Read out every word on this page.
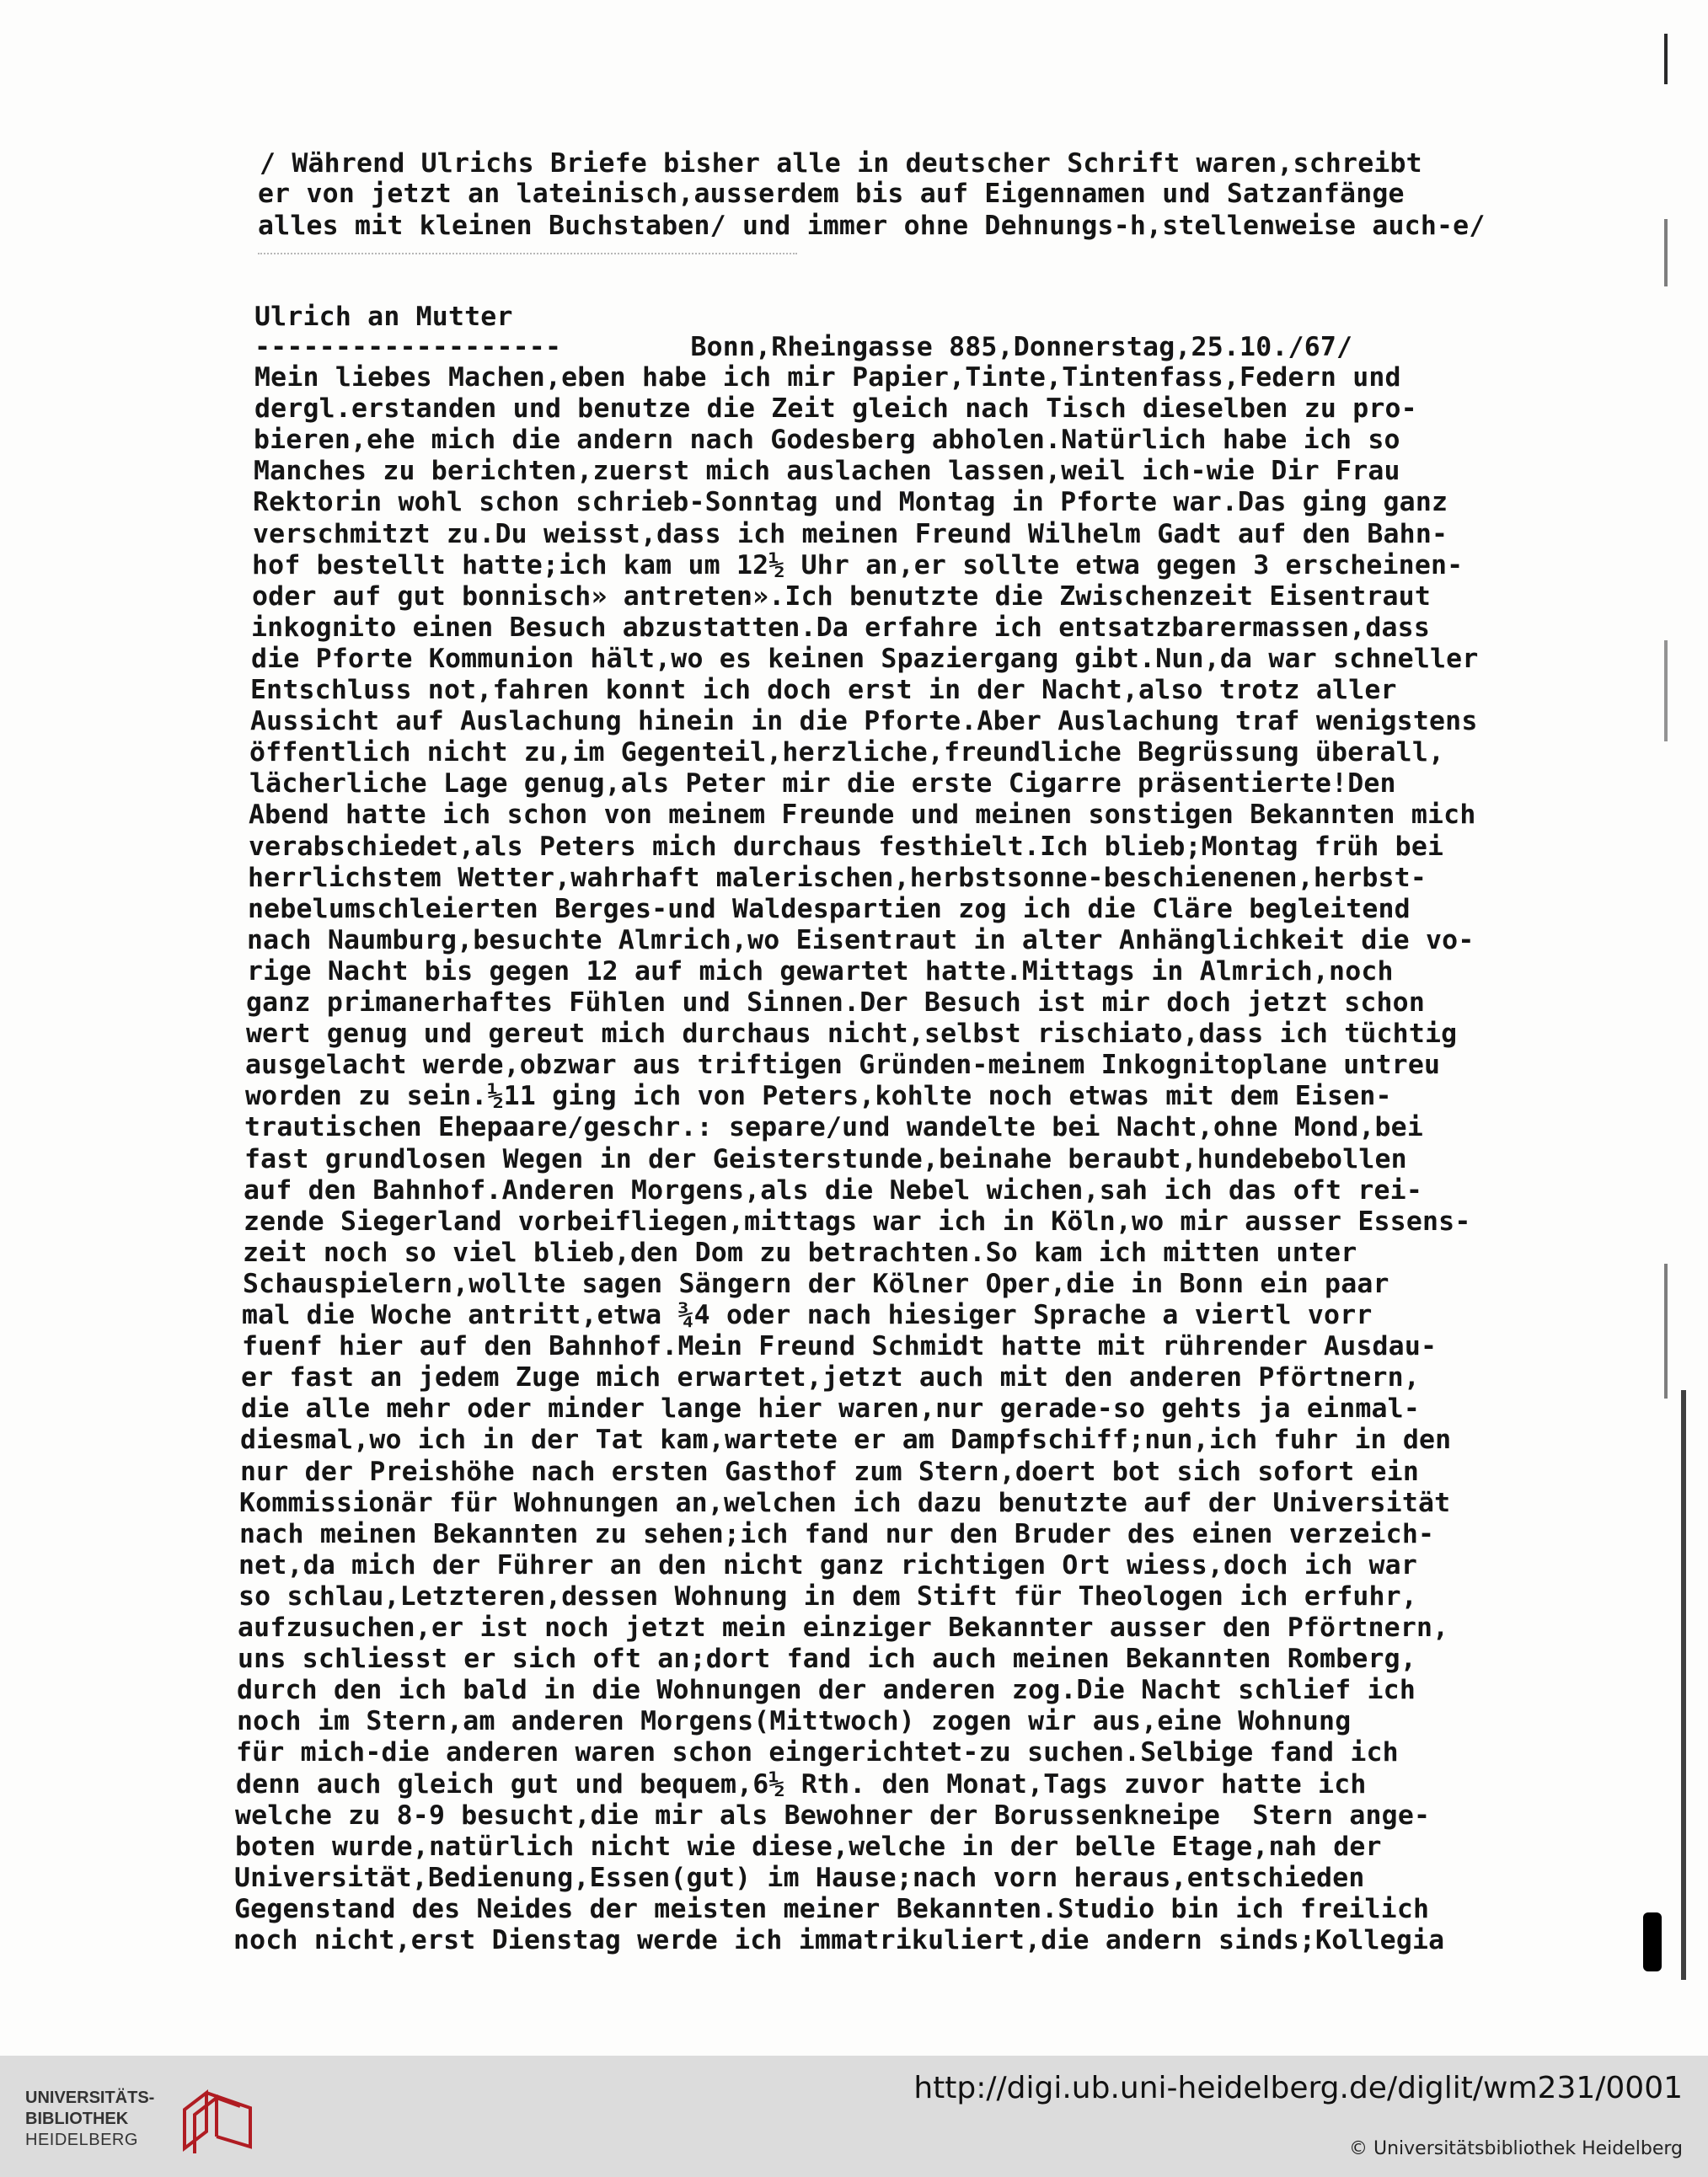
/ Während Ulrichs Briefe bisher alle in deutscher Schrift waren,schreibt
er von jetzt an lateinisch,ausserdem bis auf Eigennamen und Satzanfänge
alles mit kleinen Buchstaben/ und immer ohne Dehnungs-h,stellenweise auch-e/
Ulrich an Mutter
-------------------        Bonn,Rheingasse 885,Donnerstag,25.10./67/
Mein liebes Machen,eben habe ich mir Papier,Tinte,Tintenfass,Federn und
dergl.erstanden und benutze die Zeit gleich nach Tisch dieselben zu pro-
bieren,ehe mich die andern nach Godesberg abholen.Natürlich habe ich so
Manches zu berichten,zuerst mich auslachen lassen,weil ich-wie Dir Frau
Rektorin wohl schon schrieb-Sonntag und Montag in Pforte war.Das ging ganz
verschmitzt zu.Du weisst,dass ich meinen Freund Wilhelm Gadt auf den Bahn-
hof bestellt hatte;ich kam um 12½ Uhr an,er sollte etwa gegen 3 erscheinen-
oder auf gut bonnisch» antreten».Ich benutzte die Zwischenzeit Eisentraut
inkognito einen Besuch abzustatten.Da erfahre ich entsatzbarermassen,dass
die Pforte Kommunion hält,wo es keinen Spaziergang gibt.Nun,da war schneller
Entschluss not,fahren konnt ich doch erst in der Nacht,also trotz aller
Aussicht auf Auslachung hinein in die Pforte.Aber Auslachung traf wenigstens
öffentlich nicht zu,im Gegenteil,herzliche,freundliche Begrüssung überall,
lächerliche Lage genug,als Peter mir die erste Cigarre präsentierte!Den
Abend hatte ich schon von meinem Freunde und meinen sonstigen Bekannten mich
verabschiedet,als Peters mich durchaus festhielt.Ich blieb;Montag früh bei
herrlichstem Wetter,wahrhaft malerischen,herbstsonne-beschienenen,herbst-
nebelumschleierten Berges-und Waldespartien zog ich die Cläre begleitend
nach Naumburg,besuchte Almrich,wo Eisentraut in alter Anhänglichkeit die vo-
rige Nacht bis gegen 12 auf mich gewartet hatte.Mittags in Almrich,noch
ganz primanerhaftes Fühlen und Sinnen.Der Besuch ist mir doch jetzt schon
wert genug und gereut mich durchaus nicht,selbst rischiato,dass ich tüchtig
ausgelacht werde,obzwar aus triftigen Gründen-meinem Inkognitoplane untreu
worden zu sein.½11 ging ich von Peters,kohlte noch etwas mit dem Eisen-
trautischen Ehepaare/geschr.: separe/und wandelte bei Nacht,ohne Mond,bei
fast grundlosen Wegen in der Geisterstunde,beinahe beraubt,hundebebollen
auf den Bahnhof.Anderen Morgens,als die Nebel wichen,sah ich das oft rei-
zende Siegerland vorbeifliegen,mittags war ich in Köln,wo mir ausser Essens-
zeit noch so viel blieb,den Dom zu betrachten.So kam ich mitten unter
Schauspielern,wollte sagen Sängern der Kölner Oper,die in Bonn ein paar
mal die Woche antritt,etwa ¾4 oder nach hiesiger Sprache a viertl vorr
fuenf hier auf den Bahnhof.Mein Freund Schmidt hatte mit rührender Ausdau-
er fast an jedem Zuge mich erwartet,jetzt auch mit den anderen Pförtnern,
die alle mehr oder minder lange hier waren,nur gerade-so gehts ja einmal-
diesmal,wo ich in der Tat kam,wartete er am Dampfschiff;nun,ich fuhr in den
nur der Preishöhe nach ersten Gasthof zum Stern,doert bot sich sofort ein
Kommissionär für Wohnungen an,welchen ich dazu benutzte auf der Universität
nach meinen Bekannten zu sehen;ich fand nur den Bruder des einen verzeich-
net,da mich der Führer an den nicht ganz richtigen Ort wiess,doch ich war
so schlau,Letzteren,dessen Wohnung in dem Stift für Theologen ich erfuhr,
aufzusuchen,er ist noch jetzt mein einziger Bekannter ausser den Pförtnern,
uns schliesst er sich oft an;dort fand ich auch meinen Bekannten Romberg,
durch den ich bald in die Wohnungen der anderen zog.Die Nacht schlief ich
noch im Stern,am anderen Morgens(Mittwoch) zogen wir aus,eine Wohnung
für mich-die anderen waren schon eingerichtet-zu suchen.Selbige fand ich
denn auch gleich gut und bequem,6½ Rth. den Monat,Tags zuvor hatte ich
welche zu 8-9 besucht,die mir als Bewohner der Borussenkneipe  Stern ange-
boten wurde,natürlich nicht wie diese,welche in der belle Etage,nah der
Universität,Bedienung,Essen(gut) im Hause;nach vorn heraus,entschieden
Gegenstand des Neides der meisten meiner Bekannten.Studio bin ich freilich
noch nicht,erst Dienstag werde ich immatrikuliert,die andern sinds;Kollegia
UNIVERSITÄTS-
BIBLIOTHEK
HEIDELBERG
http://digi.ub.uni-heidelberg.de/diglit/wm231/0001
© Universitätsbibliothek Heidelberg
